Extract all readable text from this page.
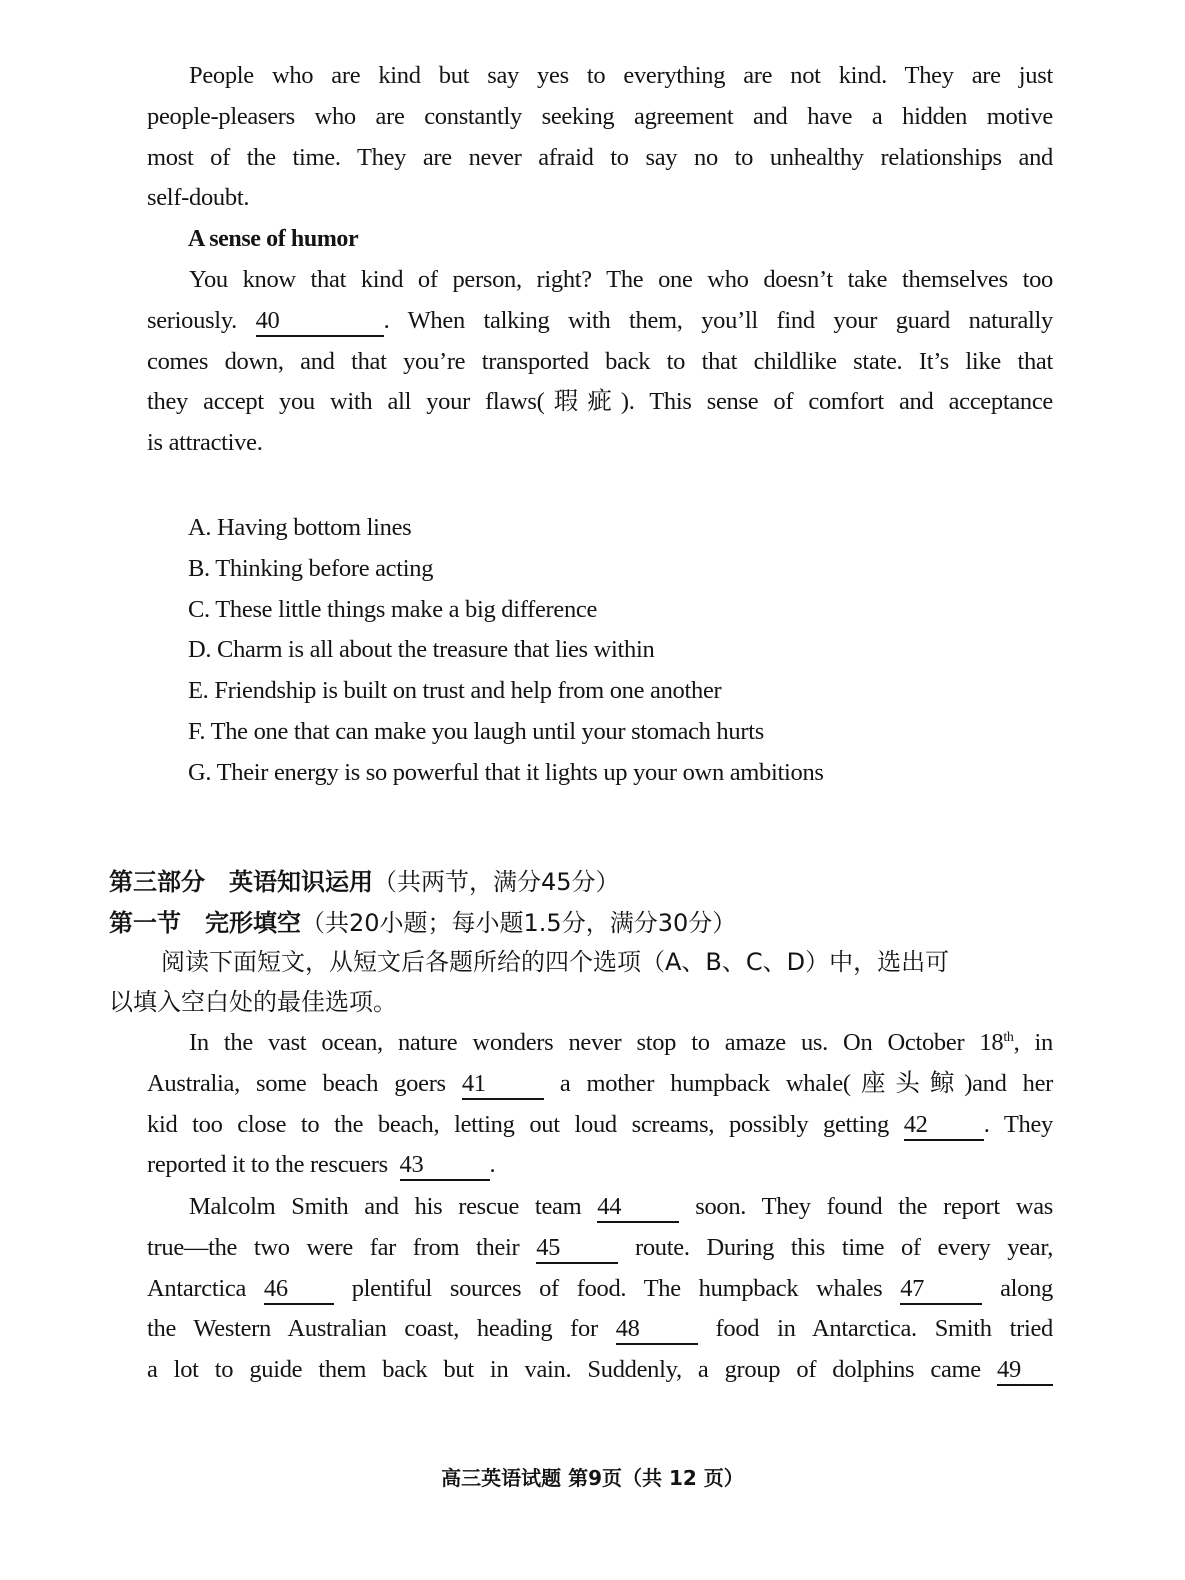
People who are kind but say yes to everything are not kind. They are just
people-pleasers who are constantly seeking agreement and have a hidden motive
most of the time. They are never afraid to say no to unhealthy relationships and
self-doubt.
A sense of humor
You know that kind of person, right? The one who doesn’t take themselves too
seriously. 40	. When talking with them, you’ll find your guard naturally
comes down, and that you’re transported back to that childlike state. It’s like that
they accept you with all your flaws(瑕疵). This sense of comfort and acceptance
is attractive.
A. Having bottom lines
B. Thinking before acting
C. These little things make a big difference
D. Charm is all about the treasure that lies within
E. Friendship is built on trust and help from one another
F. The one that can make you laugh until your stomach hurts
G. Their energy is so powerful that it lights up your own ambitions
第三部分　英语知识运用（共两节，满分45分）
第一节　完形填空（共20小题；每小题1.5分，满分30分）
阅读下面短文，从短文后各题所给的四个选项（A、B、C、D）中，选出可
以填入空白处的最佳选项。
In the vast ocean, nature wonders never stop to amaze us. On October 18th, in
Australia, some beach goers 41	a mother humpback whale(座头鲸)and her
kid too close to the beach, letting out loud screams, possibly getting 42 . They
reported it to the rescuers 43	.
Malcolm Smith and his rescue team 44	soon. They found the report was
true—the two were far from their 45	route. During this time of every year,
Antarctica 46	plentiful sources of food. The humpback whales 47	along
the Western Australian coast, heading for 48	food in Antarctica. Smith tried
a lot to guide them back but in vain. Suddenly, a group of dolphins came 49
高三英语试题 第9页（共 12 页）
